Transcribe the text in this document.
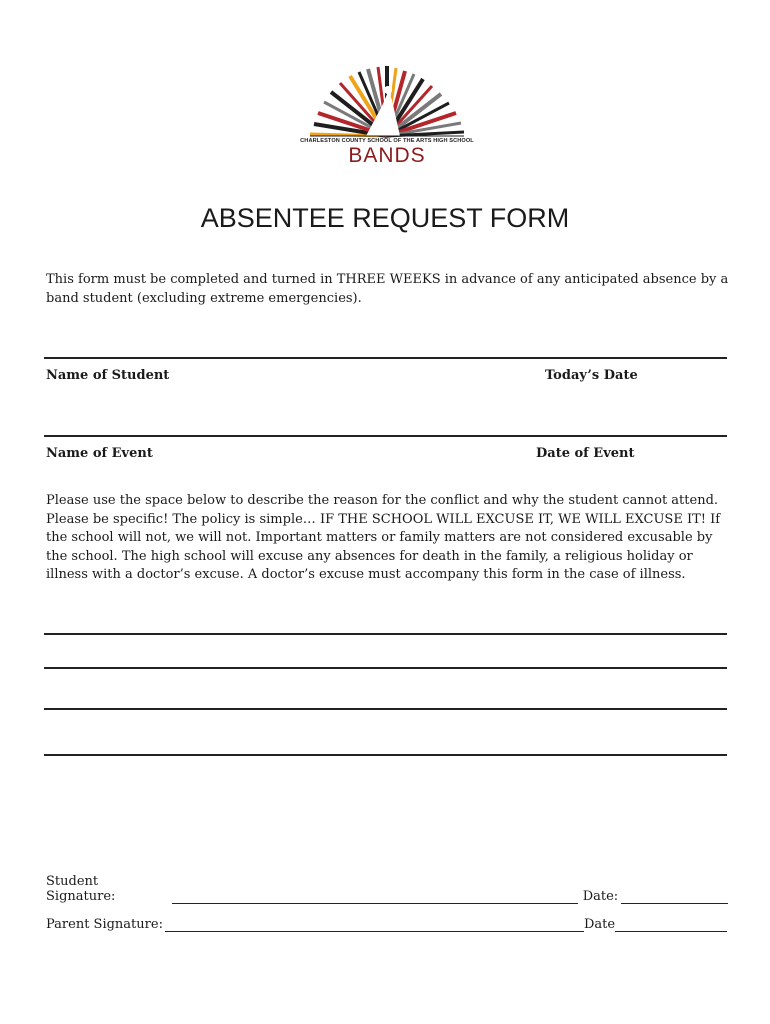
CHARLESTON COUNTY SCHOOL OF THE ARTS HIGH SCHOOL
BANDS
ABSENTEE REQUEST FORM
This form must be completed and turned in THREE WEEKS in advance of any anticipated absence by a band student (excluding extreme emergencies).
Name of Student	Today’s Date
Name of Event	Date of Event
Please use the space below to describe the reason for the conflict and why the student cannot attend. Please be specific! The policy is simple… IF THE SCHOOL WILL EXCUSE IT, WE WILL EXCUSE IT! If the school will not, we will not. Important matters or family matters are not considered excusable by the school. The high school will excuse any absences for death in the family, a religious holiday or illness with a doctor’s excuse. A doctor’s excuse must accompany this form in the case of illness.
Student Signature:	Date:
Parent Signature:	Date
